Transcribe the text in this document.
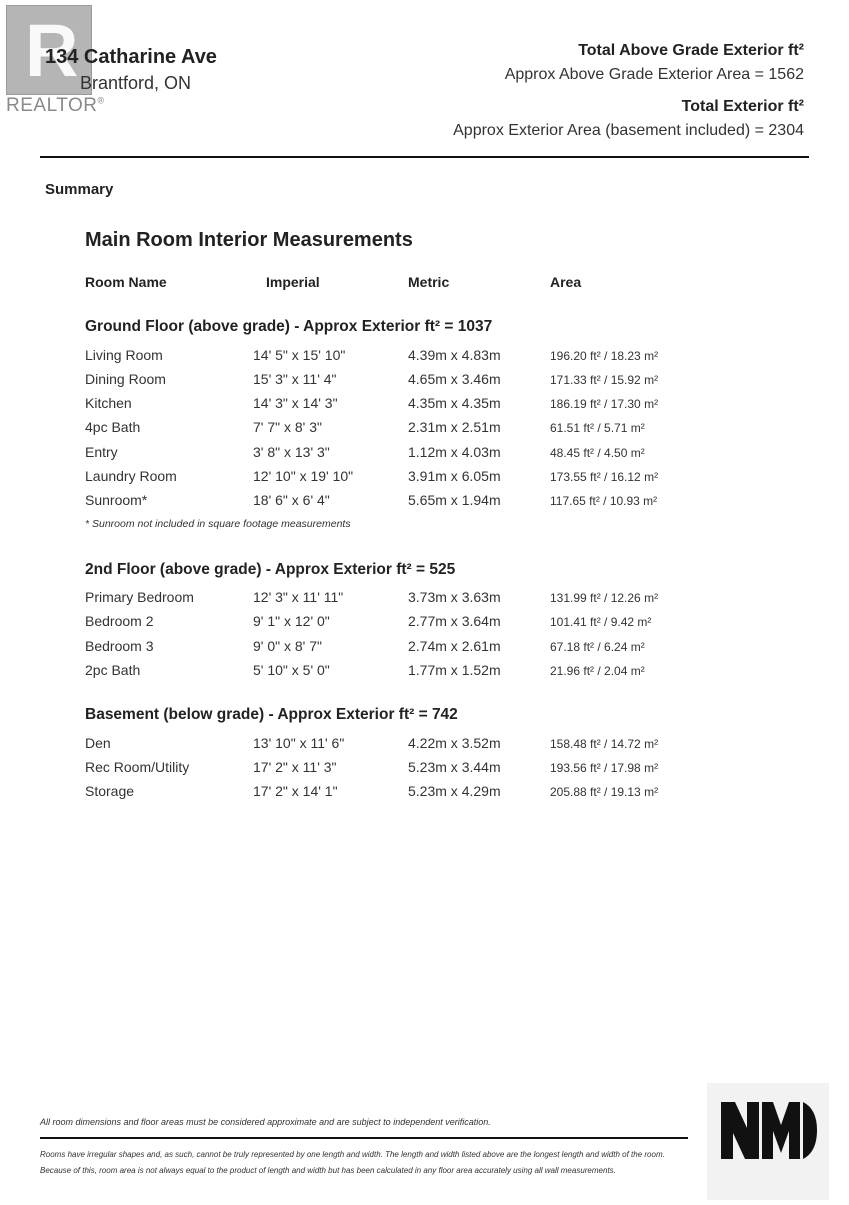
R
REALTOR®
134 Catharine Ave
Brantford, ON
Total Above Grade Exterior ft²
Approx Above Grade Exterior Area = 1562
Total Exterior ft²
Approx Exterior Area (basement included) = 2304
Summary
Main Room Interior Measurements
Room Name	Imperial	Metric	Area
Ground Floor (above grade) - Approx Exterior ft² = 1037
Living Room	14' 5" x 15' 10"	4.39m x 4.83m	196.20 ft² / 18.23 m²
Dining Room	15' 3" x 11' 4"	4.65m x 3.46m	171.33 ft² / 15.92 m²
Kitchen	14' 3" x 14' 3"	4.35m x 4.35m	186.19 ft² / 17.30 m²
4pc Bath	7' 7" x 8' 3"	2.31m x 2.51m	61.51 ft² / 5.71 m²
Entry	3' 8" x 13' 3"	1.12m x 4.03m	48.45 ft² / 4.50 m²
Laundry Room	12' 10" x 19' 10"	3.91m x 6.05m	173.55 ft² / 16.12 m²
Sunroom*	18' 6" x 6' 4"	5.65m x 1.94m	117.65 ft² / 10.93 m²
* Sunroom not included in square footage measurements
2nd Floor (above grade) - Approx Exterior ft² = 525
Primary Bedroom	12' 3" x 11' 11"	3.73m x 3.63m	131.99 ft² / 12.26 m²
Bedroom 2	9' 1" x 12' 0"	2.77m x 3.64m	101.41 ft² / 9.42 m²
Bedroom 3	9' 0" x 8' 7"	2.74m x 2.61m	67.18 ft² / 6.24 m²
2pc Bath	5' 10" x 5' 0"	1.77m x 1.52m	21.96 ft² / 2.04 m²
Basement (below grade) - Approx Exterior ft² = 742
Den	13' 10" x 11' 6"	4.22m x 3.52m	158.48 ft² / 14.72 m²
Rec Room/Utility	17' 2" x 11' 3"	5.23m x 3.44m	193.56 ft² / 17.98 m²
Storage	17' 2" x 14' 1"	5.23m x 4.29m	205.88 ft² / 19.13 m²
All room dimensions and floor areas must be considered approximate and are subject to independent verification.
Rooms have irregular shapes and, as such, cannot be truly represented by one length and width. The length and width listed above are the longest length and width of the room.
Because of this, room area is not always equal to the product of length and width but has been calculated in any floor area accurately using all wall measurements.
